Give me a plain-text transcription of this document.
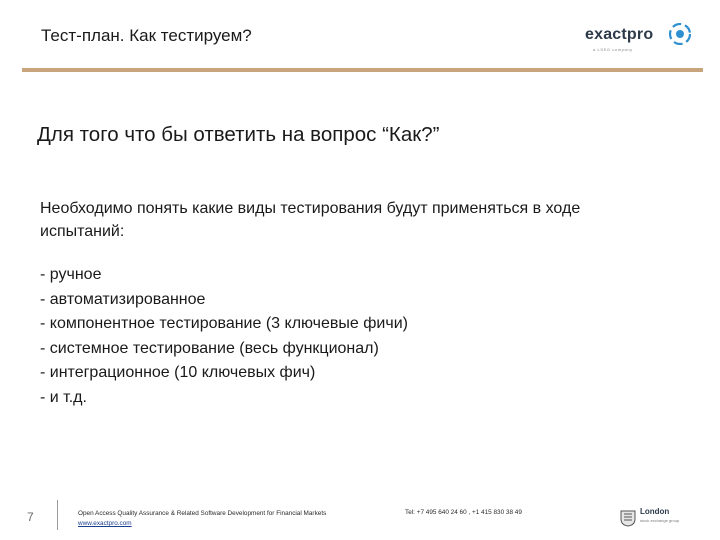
Тест-план. Как тестируем?	exactpro
a LSEG company
Для того что бы ответить на вопрос “Как?”
Необходимо понять какие виды тестирования будут применяться в ходе испытаний:
- ручное
- автоматизированное
- компонентное тестирование (3 ключевые фичи)
- системное тестирование (весь функционал)
- интеграционное (10 ключевых фич)
- и т.д.
7	Open Access Quality Assurance & Related Software Development for Financial Markets
www.exactpro.com
Tel: +7 495 640 24 60 , +1 415 830 38 49	London
stock exchange group
